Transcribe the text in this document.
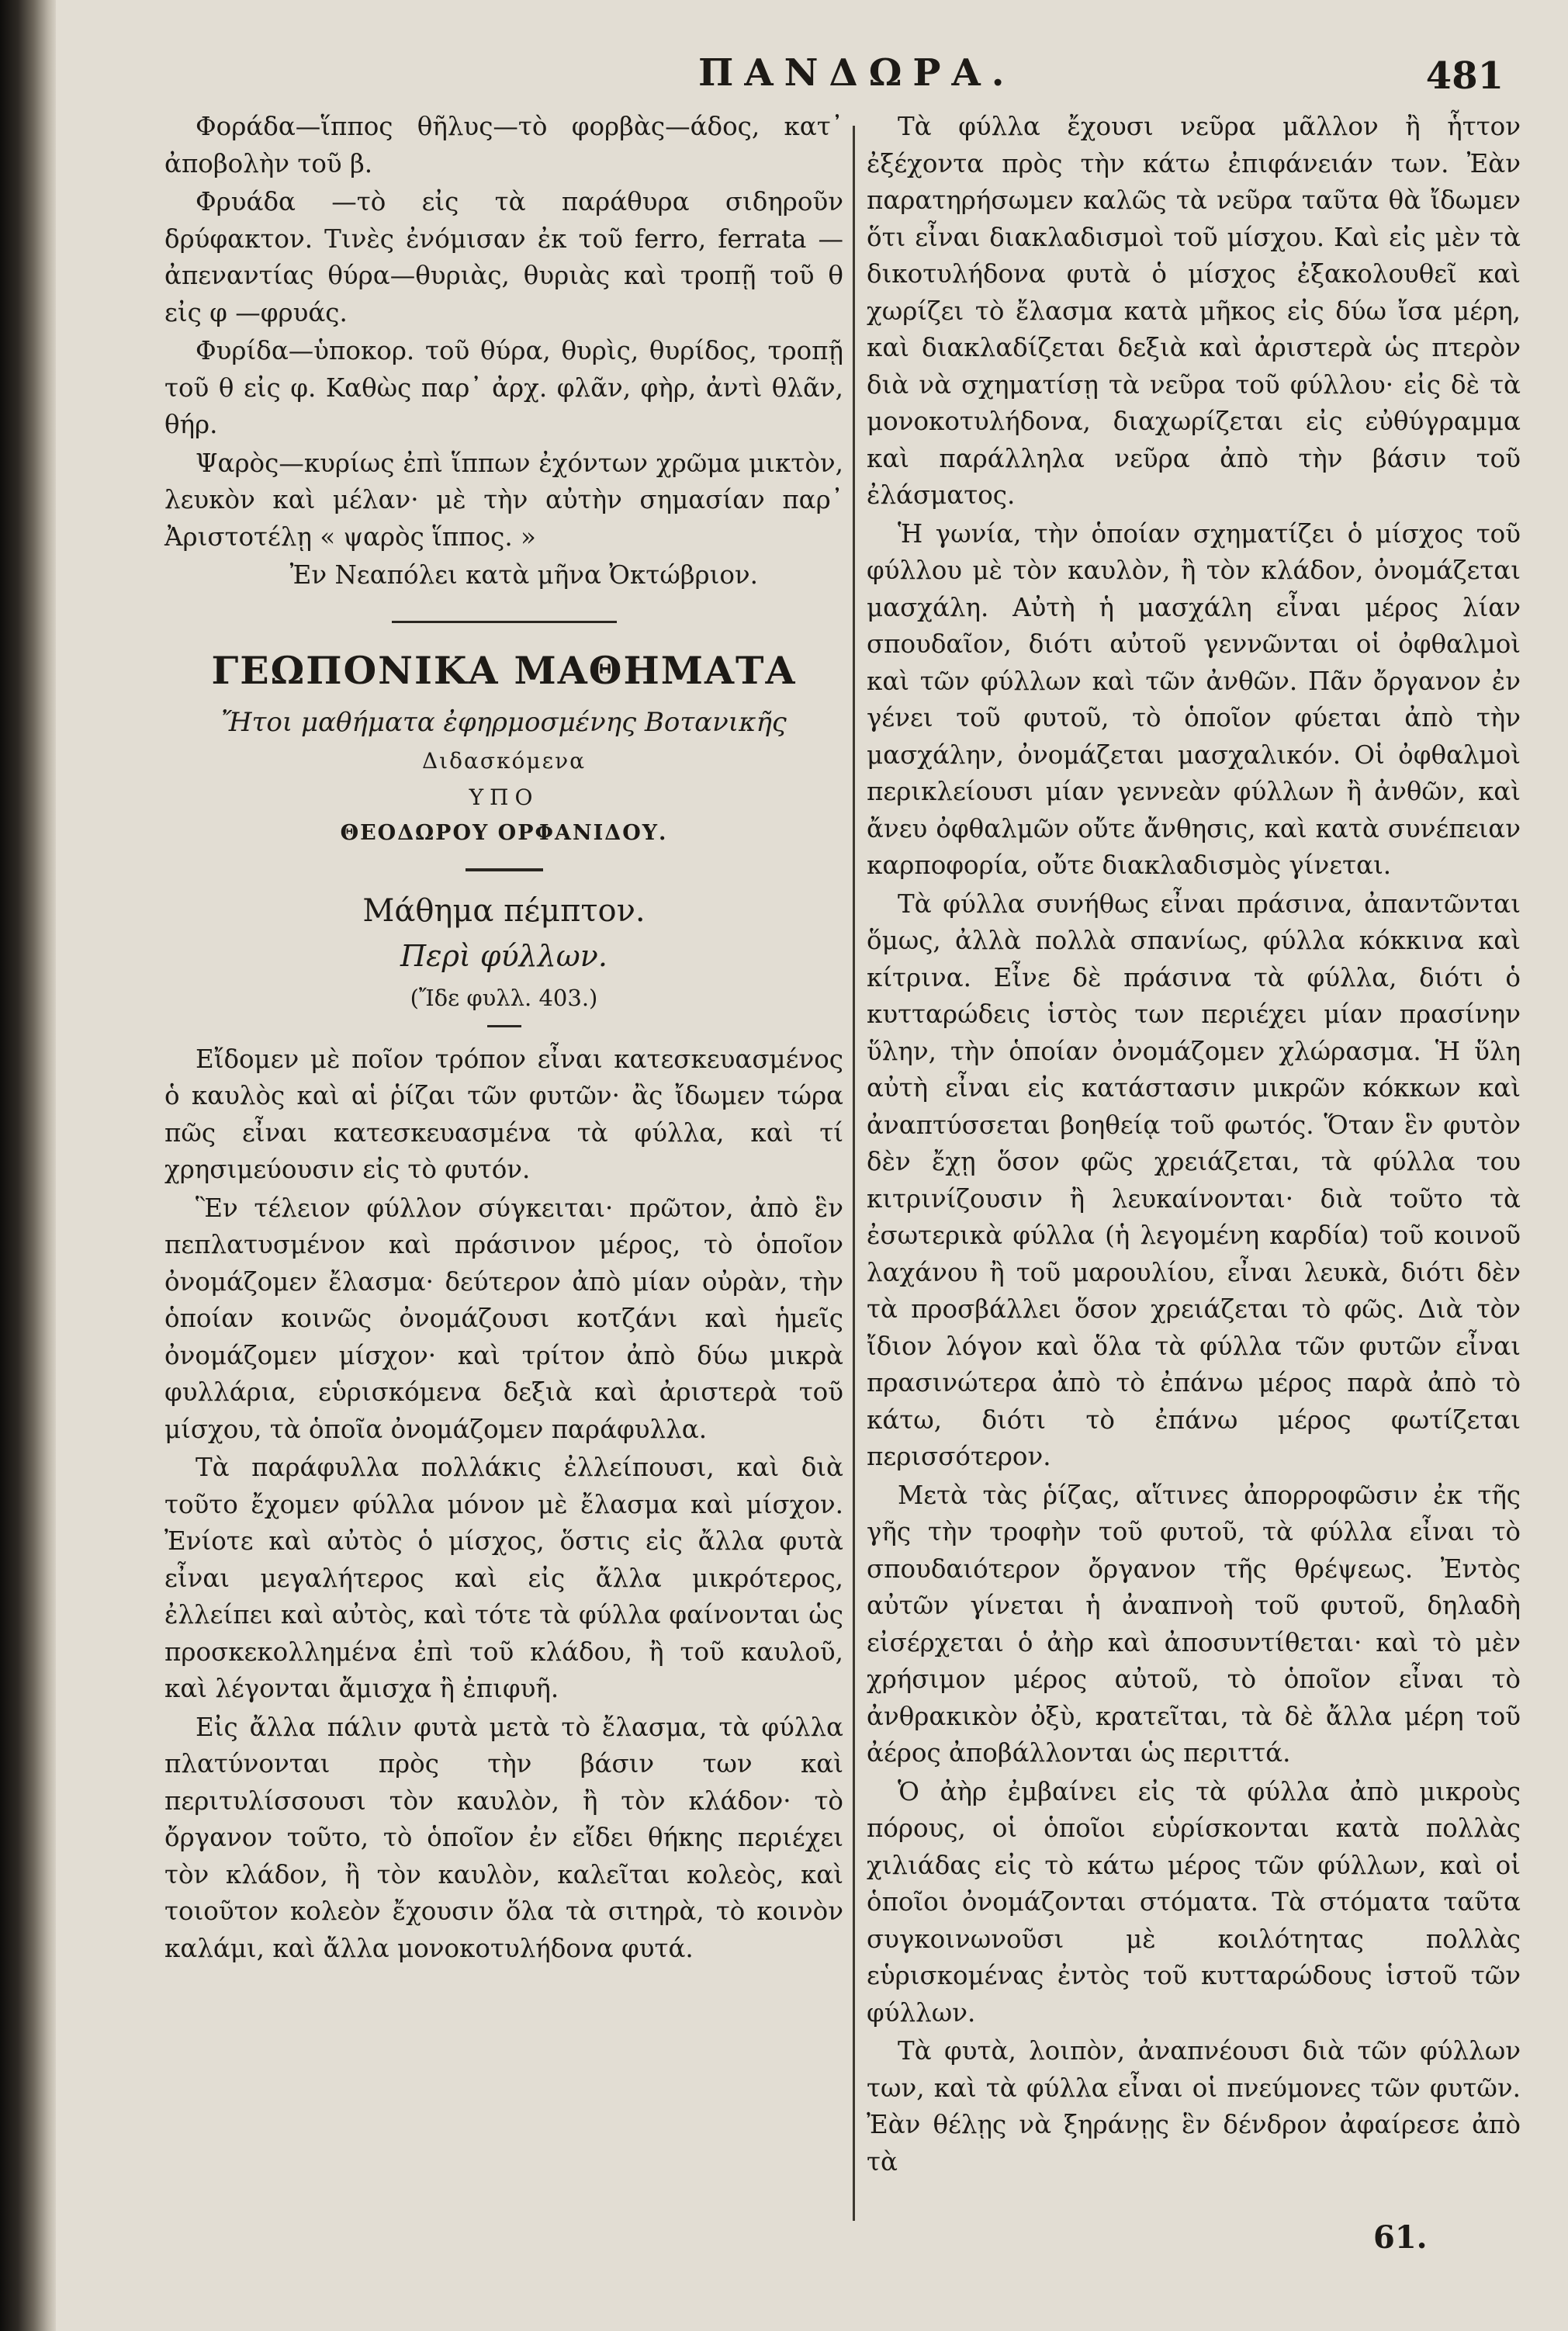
ΠΑΝΔΩΡΑ.	481

Φοράδα—ἵππος θῆλυς—τὸ φορβὰς—άδος, κατ᾽ ἀποβολὴν τοῦ β.

Φρυάδα —τὸ εἰς τὰ παράθυρα σιδηροῦν δρύφακτον. Τινὲς ἐνόμισαν ἐκ τοῦ ferro, ferrata —ἀπεναντίας θύρα—θυριὰς, θυριὰς καὶ τροπῇ τοῦ θ εἰς φ —φρυάς.

Φυρίδα—ὑποκορ. τοῦ θύρα, θυρὶς, θυρίδος, τροπῇ τοῦ θ εἰς φ. Καθὼς παρ᾽ ἀρχ. φλᾶν, φὴρ, ἀντὶ θλᾶν, θήρ.

Ψαρὸς—κυρίως ἐπὶ ἵππων ἐχόντων χρῶμα μικτὸν, λευκὸν καὶ μέλαν· μὲ τὴν αὐτὴν σημασίαν παρ᾽ Ἀριστοτέλῃ « ψαρὸς ἵππος. »

Ἐν Νεαπόλει κατὰ μῆνα Ὀκτώβριον.

ΓΕΩΠΟΝΙΚΑ ΜΑΘΗΜΑΤΑ
Ἤτοι μαθήματα ἐφηρμοσμένης Βοτανικῆς
Διδασκόμενα
ΥΠΟ
ΘΕΟΔΩΡΟΥ ΟΡΦΑΝΙΔΟΥ.
Μάθημα πέμπτον.
Περὶ φύλλων.
(Ἴδε φυλλ. 403.)

Εἴδομεν μὲ ποῖον τρόπον εἶναι κατεσκευασμένος ὁ καυλὸς καὶ αἱ ῥίζαι τῶν φυτῶν· ἂς ἴδωμεν τώρα πῶς εἶναι κατεσκευασμένα τὰ φύλλα, καὶ τί χρησιμεύουσιν εἰς τὸ φυτόν.

Ἓν τέλειον φύλλον σύγκειται· πρῶτον, ἀπὸ ἓν πεπλατυσμένον καὶ πράσινον μέρος, τὸ ὁποῖον ὀνομάζομεν ἔλασμα· δεύτερον ἀπὸ μίαν οὐρὰν, τὴν ὁποίαν κοινῶς ὀνομάζουσι κοτζάνι καὶ ἡμεῖς ὀνομάζομεν μίσχον· καὶ τρίτον ἀπὸ δύω μικρὰ φυλλάρια, εὑρισκόμενα δεξιὰ καὶ ἀριστερὰ τοῦ μίσχου, τὰ ὁποῖα ὀνομάζομεν παράφυλλα.

Τὰ παράφυλλα πολλάκις ἐλλείπουσι, καὶ διὰ τοῦτο ἔχομεν φύλλα μόνον μὲ ἔλασμα καὶ μίσχον. Ἐνίοτε καὶ αὐτὸς ὁ μίσχος, ὅστις εἰς ἄλλα φυτὰ εἶναι μεγαλήτερος καὶ εἰς ἄλλα μικρότερος, ἐλλείπει καὶ αὐτὸς, καὶ τότε τὰ φύλλα φαίνονται ὡς προσκεκολλημένα ἐπὶ τοῦ κλάδου, ἢ τοῦ καυλοῦ, καὶ λέγονται ἄμισχα ἢ ἐπιφυῆ.

Εἰς ἄλλα πάλιν φυτὰ μετὰ τὸ ἔλασμα, τὰ φύλλα πλατύνονται πρὸς τὴν βάσιν των καὶ περιτυλίσσουσι τὸν καυλὸν, ἢ τὸν κλάδον· τὸ ὄργανον τοῦτο, τὸ ὁποῖον ἐν εἴδει θήκης περιέχει τὸν κλάδον, ἢ τὸν καυλὸν, καλεῖται κολεὸς, καὶ τοιοῦτον κολεὸν ἔχουσιν ὅλα τὰ σιτηρὰ, τὸ κοινὸν καλάμι, καὶ ἄλλα μονοκοτυλήδονα φυτά.

Τὰ φύλλα ἔχουσι νεῦρα μᾶλλον ἢ ἧττον ἐξέχοντα πρὸς τὴν κάτω ἐπιφάνειάν των. Ἐὰν παρατηρήσωμεν καλῶς τὰ νεῦρα ταῦτα θὰ ἴδωμεν ὅτι εἶναι διακλαδισμοὶ τοῦ μίσχου. Καὶ εἰς μὲν τὰ δικοτυλήδονα φυτὰ ὁ μίσχος ἐξακολουθεῖ καὶ χωρίζει τὸ ἔλασμα κατὰ μῆκος εἰς δύω ἴσα μέρη, καὶ διακλαδίζεται δεξιὰ καὶ ἀριστερὰ ὡς πτερὸν διὰ νὰ σχηματίσῃ τὰ νεῦρα τοῦ φύλλου· εἰς δὲ τὰ μονοκοτυλήδονα, διαχωρίζεται εἰς εὐθύγραμμα καὶ παράλληλα νεῦρα ἀπὸ τὴν βάσιν τοῦ ἐλάσματος.

Ἡ γωνία, τὴν ὁποίαν σχηματίζει ὁ μίσχος τοῦ φύλλου μὲ τὸν καυλὸν, ἢ τὸν κλάδον, ὀνομάζεται μασχάλη. Αὐτὴ ἡ μασχάλη εἶναι μέρος λίαν σπουδαῖον, διότι αὐτοῦ γεννῶνται οἱ ὀφθαλμοὶ καὶ τῶν φύλλων καὶ τῶν ἀνθῶν. Πᾶν ὄργανον ἐν γένει τοῦ φυτοῦ, τὸ ὁποῖον φύεται ἀπὸ τὴν μασχάλην, ὀνομάζεται μασχαλικόν. Οἱ ὀφθαλμοὶ περικλείουσι μίαν γεννεὰν φύλλων ἢ ἀνθῶν, καὶ ἄνευ ὀφθαλμῶν οὔτε ἄνθησις, καὶ κατὰ συνέπειαν καρποφορία, οὔτε διακλαδισμὸς γίνεται.

Τὰ φύλλα συνήθως εἶναι πράσινα, ἀπαντῶνται ὅμως, ἀλλὰ πολλὰ σπανίως, φύλλα κόκκινα καὶ κίτρινα. Εἶνε δὲ πράσινα τὰ φύλλα, διότι ὁ κυτταρώδεις ἱστὸς των περιέχει μίαν πρασίνην ὕλην, τὴν ὁποίαν ὀνομάζομεν χλώρασμα. Ἡ ὕλη αὐτὴ εἶναι εἰς κατάστασιν μικρῶν κόκκων καὶ ἀναπτύσσεται βοηθείᾳ τοῦ φωτός. Ὅταν ἓν φυτὸν δὲν ἔχῃ ὅσον φῶς χρειάζεται, τὰ φύλλα του κιτρινίζουσιν ἢ λευκαίνονται· διὰ τοῦτο τὰ ἐσωτερικὰ φύλλα (ἡ λεγομένη καρδία) τοῦ κοινοῦ λαχάνου ἢ τοῦ μαρουλίου, εἶναι λευκὰ, διότι δὲν τὰ προσβάλλει ὅσον χρειάζεται τὸ φῶς. Διὰ τὸν ἴδιον λόγον καὶ ὅλα τὰ φύλλα τῶν φυτῶν εἶναι πρασινώτερα ἀπὸ τὸ ἐπάνω μέρος παρὰ ἀπὸ τὸ κάτω, διότι τὸ ἐπάνω μέρος φωτίζεται περισσότερον.

Μετὰ τὰς ῥίζας, αἵτινες ἀπορροφῶσιν ἐκ τῆς γῆς τὴν τροφὴν τοῦ φυτοῦ, τὰ φύλλα εἶναι τὸ σπουδαιότερον ὄργανον τῆς θρέψεως. Ἐντὸς αὐτῶν γίνεται ἡ ἀναπνοὴ τοῦ φυτοῦ, δηλαδὴ εἰσέρχεται ὁ ἀὴρ καὶ ἀποσυντίθεται· καὶ τὸ μὲν χρήσιμον μέρος αὐτοῦ, τὸ ὁποῖον εἶναι τὸ ἀνθρακικὸν ὀξὺ, κρατεῖται, τὰ δὲ ἄλλα μέρη τοῦ ἀέρος ἀποβάλλονται ὡς περιττά.

Ὁ ἀὴρ ἐμβαίνει εἰς τὰ φύλλα ἀπὸ μικροὺς πόρους, οἱ ὁποῖοι εὑρίσκονται κατὰ πολλὰς χιλιάδας εἰς τὸ κάτω μέρος τῶν φύλλων, καὶ οἱ ὁποῖοι ὀνομάζονται στόματα. Τὰ στόματα ταῦτα συγκοινωνοῦσι μὲ κοιλότητας πολλὰς εὑρισκομένας ἐντὸς τοῦ κυτταρώδους ἱστοῦ τῶν φύλλων.

Τὰ φυτὰ, λοιπὸν, ἀναπνέουσι διὰ τῶν φύλλων των, καὶ τὰ φύλλα εἶναι οἱ πνεύμονες τῶν φυτῶν. Ἐὰν θέλῃς νὰ ξηράνῃς ἓν δένδρον ἀφαίρεσε ἀπὸ τὰ

61.
